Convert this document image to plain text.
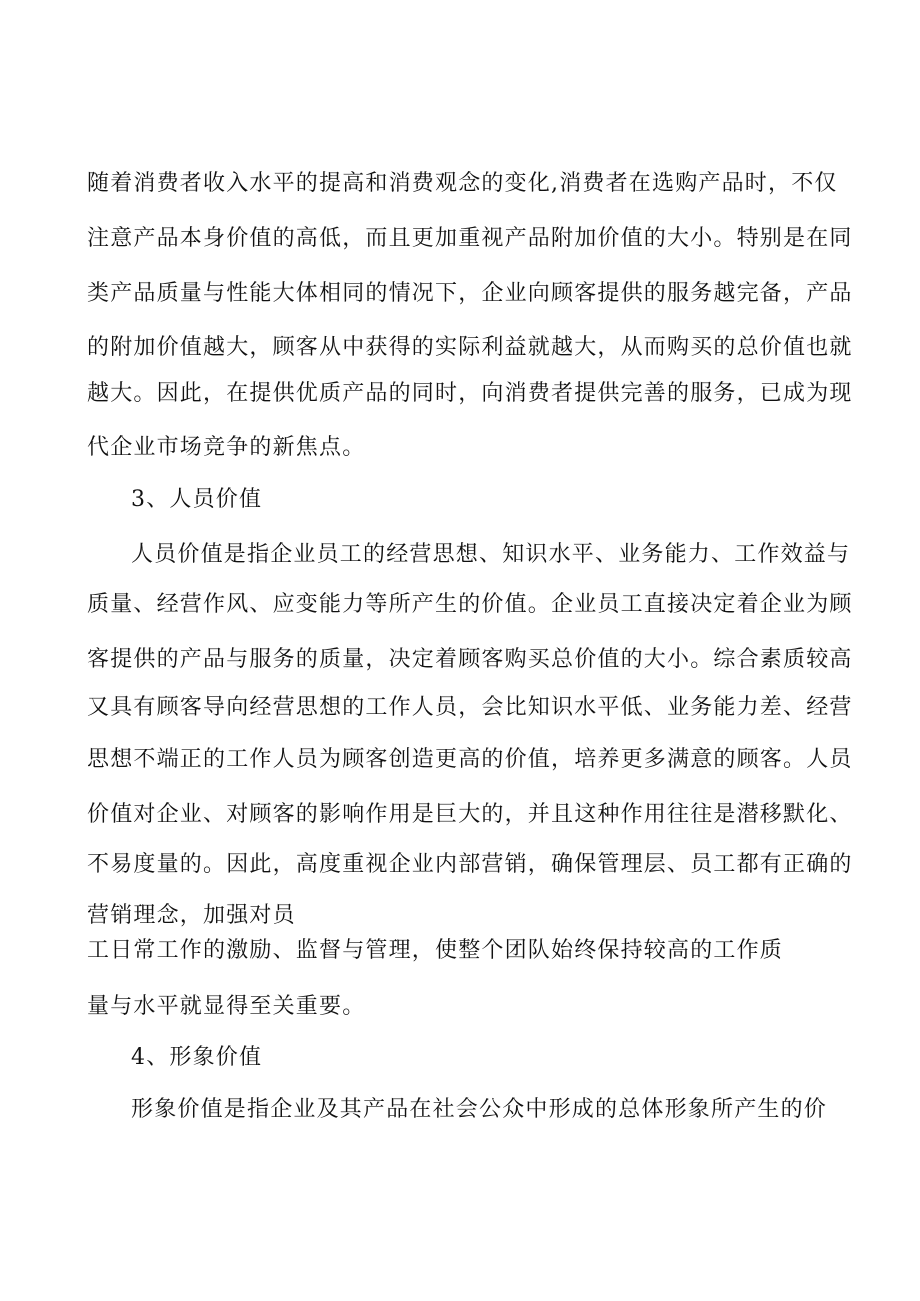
随着消费者收入水平的提高和消费观念的变化,消费者在选购产品时，不仅
注意产品本身价值的高低，而且更加重视产品附加价值的大小。特别是在同
类产品质量与性能大体相同的情况下，企业向顾客提供的服务越完备，产品
的附加价值越大，顾客从中获得的实际利益就越大，从而购买的总价值也就
越大。因此，在提供优质产品的同时，向消费者提供完善的服务，已成为现
代企业市场竞争的新焦点。
3、人员价值
人员价值是指企业员工的经营思想、知识水平、业务能力、工作效益与
质量、经营作风、应变能力等所产生的价值。企业员工直接决定着企业为顾
客提供的产品与服务的质量，决定着顾客购买总价值的大小。综合素质较高
又具有顾客导向经营思想的工作人员，会比知识水平低、业务能力差、经营
思想不端正的工作人员为顾客创造更高的价值，培养更多满意的顾客。人员
价值对企业、对顾客的影响作用是巨大的，并且这种作用往往是潜移默化、
不易度量的。因此，高度重视企业内部营销，确保管理层、员工都有正确的
营销理念，加强对员
工日常工作的激励、监督与管理，使整个团队始终保持较高的工作质
量与水平就显得至关重要。
4、形象价值
形象价值是指企业及其产品在社会公众中形成的总体形象所产生的价
